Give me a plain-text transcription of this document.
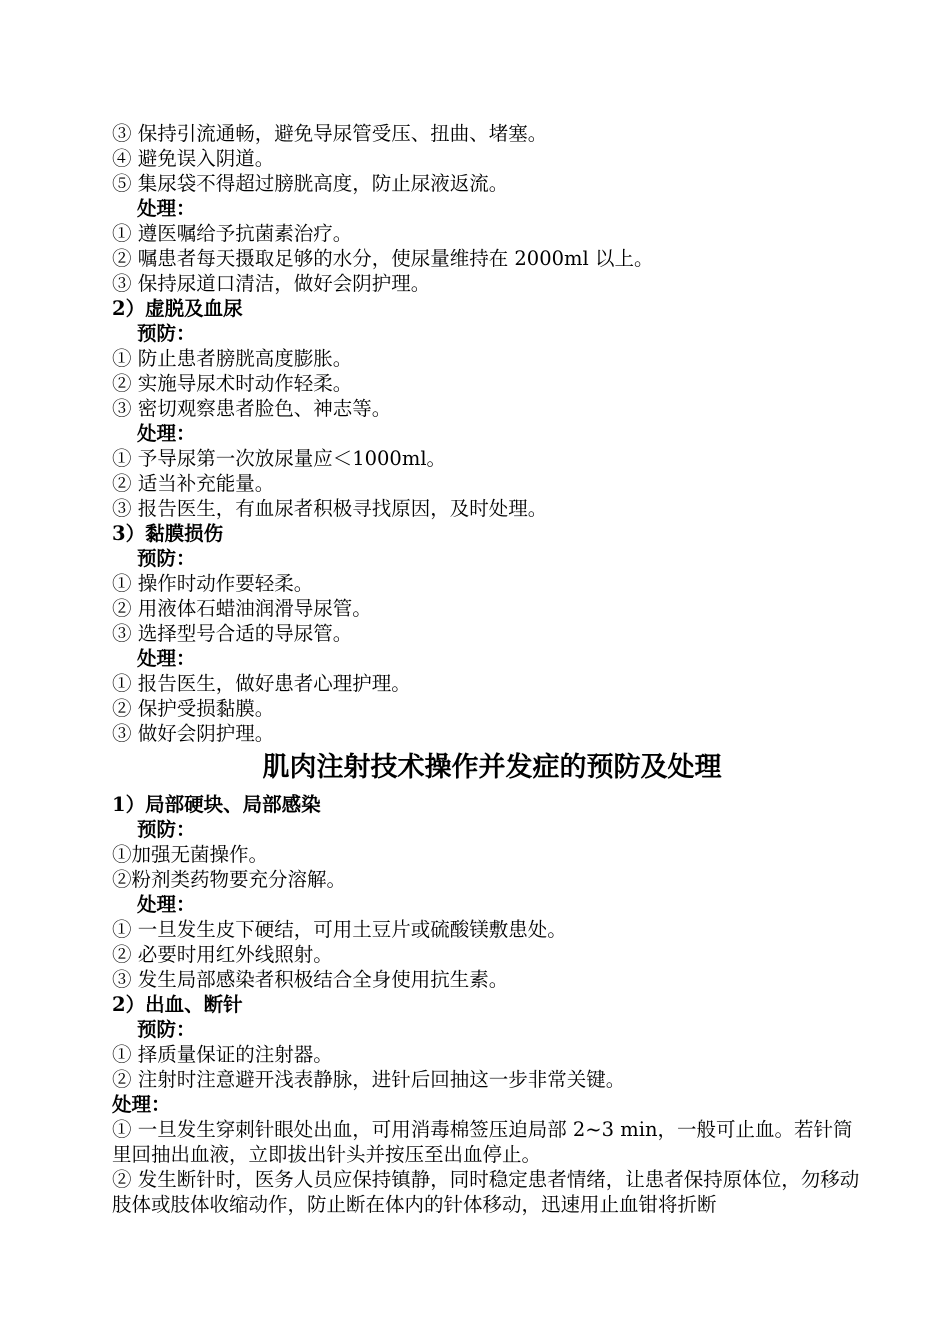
③ 保持引流通畅，避免导尿管受压、扭曲、堵塞。
④ 避免误入阴道。
⑤ 集尿袋不得超过膀胱高度，防止尿液返流。
处理：
① 遵医嘱给予抗菌素治疗。
② 嘱患者每天摄取足够的水分，使尿量维持在 2000ml 以上。
③ 保持尿道口清洁，做好会阴护理。
2）虚脱及血尿
预防：
① 防止患者膀胱高度膨胀。
② 实施导尿术时动作轻柔。
③ 密切观察患者脸色、神志等。
处理：
① 予导尿第一次放尿量应＜1000ml。
② 适当补充能量。
③ 报告医生，有血尿者积极寻找原因，及时处理。
3）黏膜损伤
预防：
① 操作时动作要轻柔。
② 用液体石蜡油润滑导尿管。
③ 选择型号合适的导尿管。
处理：
① 报告医生，做好患者心理护理。
② 保护受损黏膜。
③ 做好会阴护理。
肌肉注射技术操作并发症的预防及处理
1）局部硬块、局部感染
预防：
①加强无菌操作。
②粉剂类药物要充分溶解。
处理：
① 一旦发生皮下硬结，可用土豆片或硫酸镁敷患处。
② 必要时用红外线照射。
③ 发生局部感染者积极结合全身使用抗生素。
2）出血、断针
预防：
① 择质量保证的注射器。
② 注射时注意避开浅表静脉，进针后回抽这一步非常关键。
处理：
① 一旦发生穿刺针眼处出血，可用消毒棉签压迫局部 2~3 min，一般可止血。若针筒里回抽出血液，立即拔出针头并按压至出血停止。
② 发生断针时，医务人员应保持镇静，同时稳定患者情绪，让患者保持原体位，勿移动肢体或肢体收缩动作，防止断在体内的针体移动，迅速用止血钳将折断
